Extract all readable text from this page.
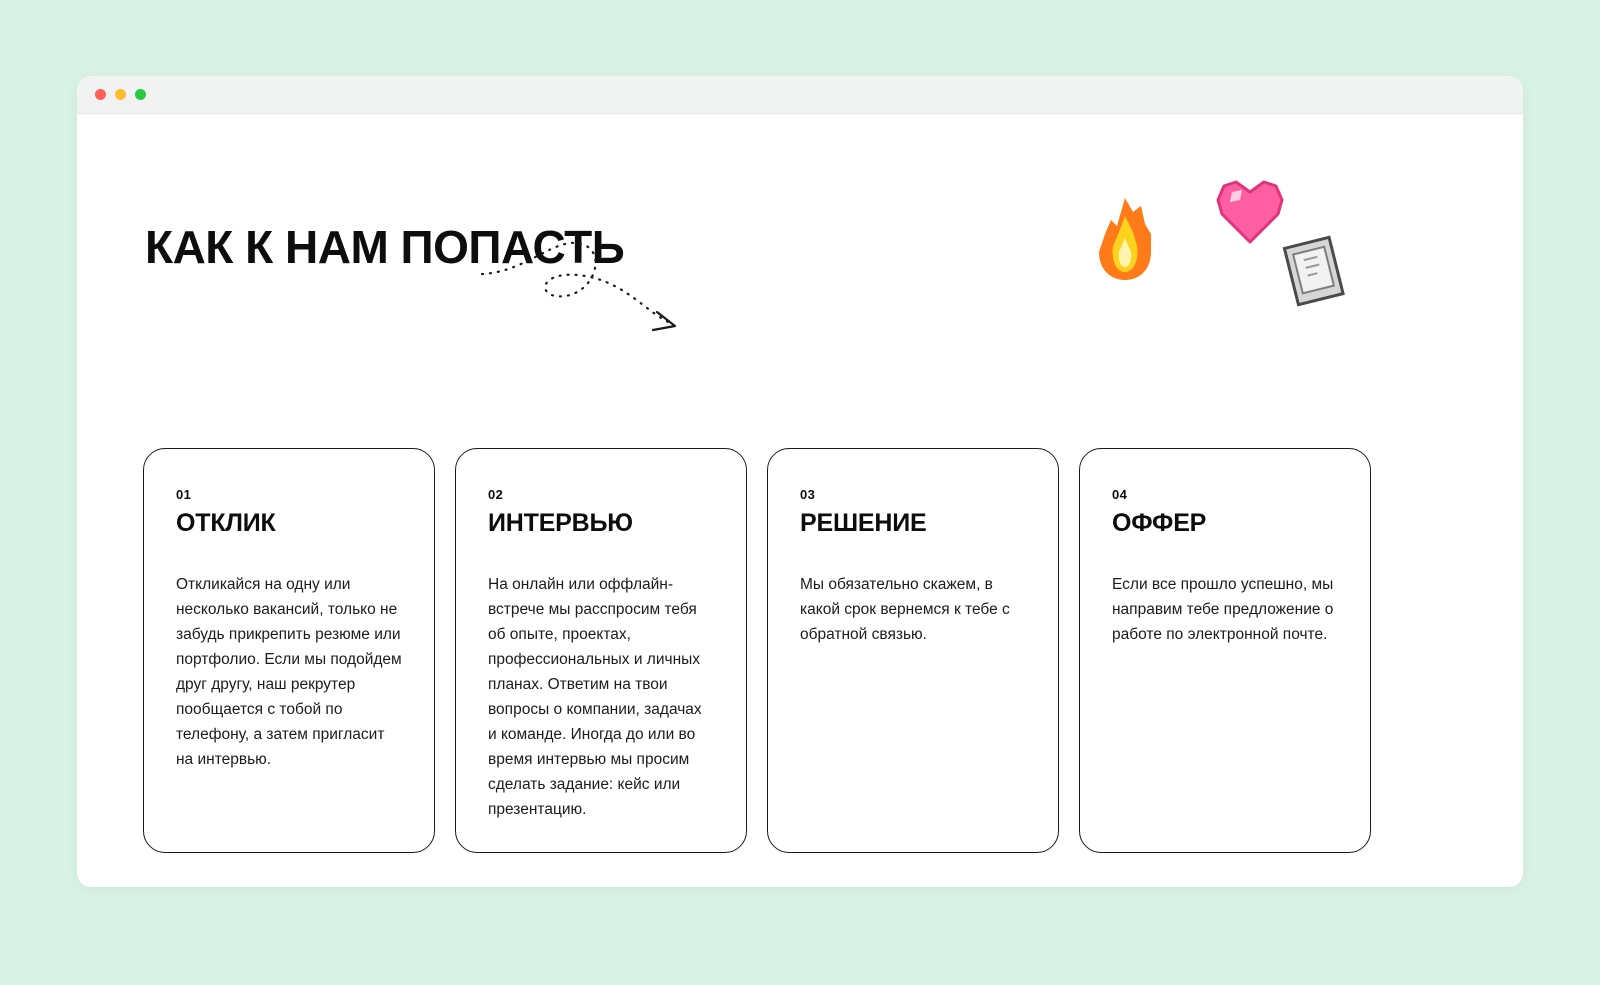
КАК К НАМ ПОПАСТЬ
01
ОТКЛИК

Откликайся на одну или несколько вакансий, только не забудь прикрепить резюме или портфолио. Если мы подойдем друг другу, наш рекрутер пообщается с тобой по телефону, а затем пригласит на интервью.

02
ИНТЕРВЬЮ

На онлайн или оффлайн-встрече мы расспросим тебя об опыте, проектах, профессиональных и личных планах. Ответим на твои вопросы о компании, задачах и команде. Иногда до или во время интервью мы просим сделать задание: кейс или презентацию.

03
РЕШЕНИЕ

Мы обязательно скажем, в какой срок вернемся к тебе с обратной связью.

04
ОФФЕР

Если все прошло успешно, мы направим тебе предложение о работе по электронной почте.
